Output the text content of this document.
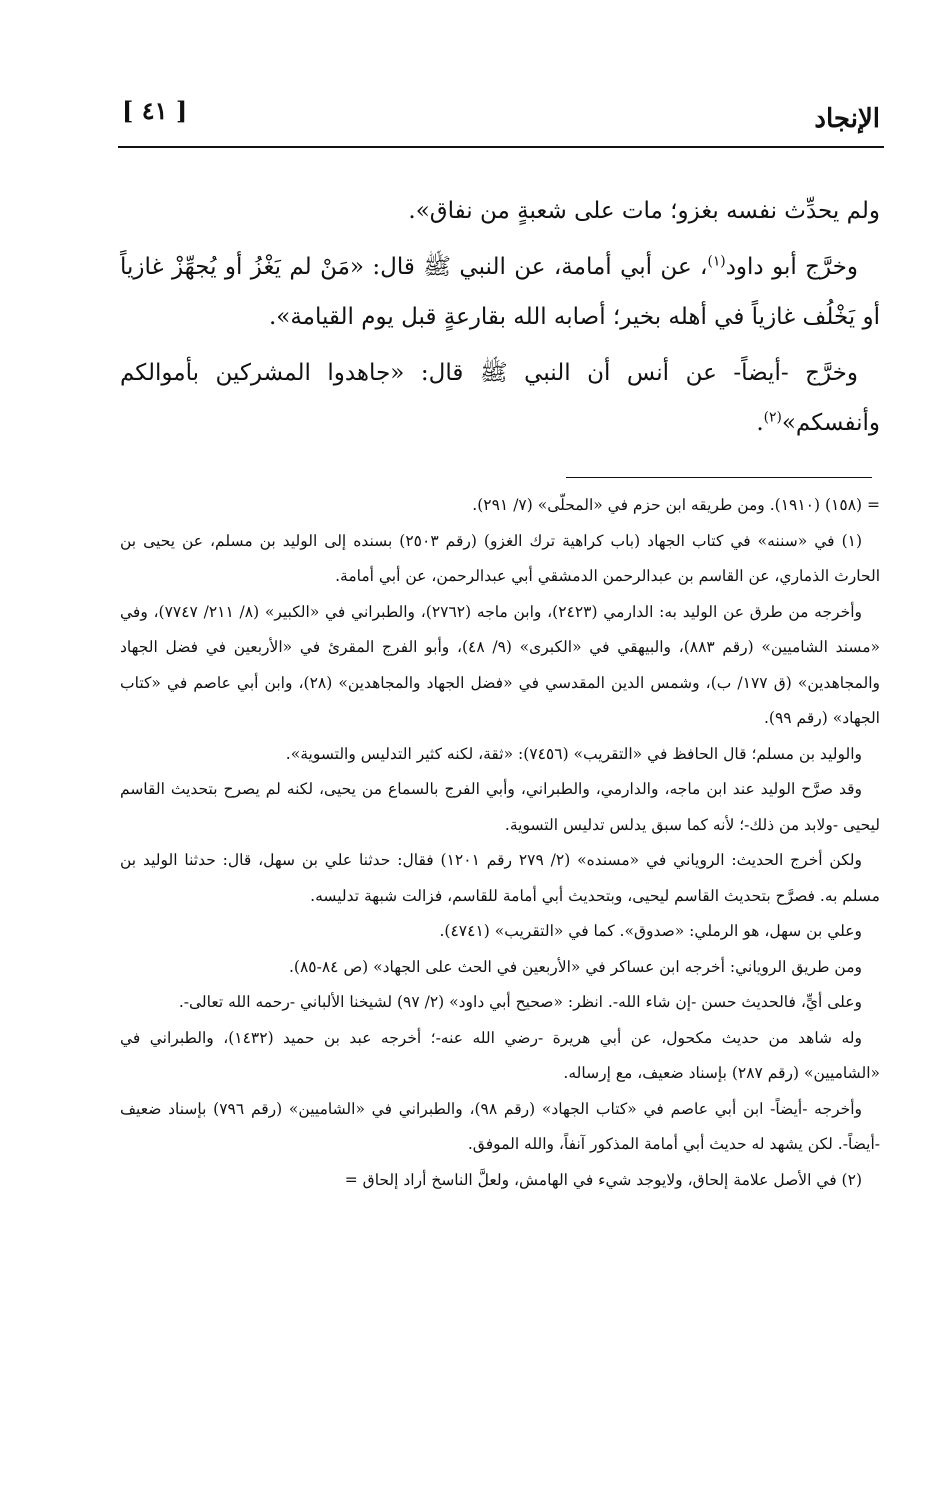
الإنجاد
[ ٤١ ]

ولم يحدِّث نفسه بغزو؛ مات على شعبةٍ من نفاق».

وخرَّج أبو داود$^{(١)}$، عن أبي أمامة، عن النبي ﷺ قال: «مَنْ لم يَغْزُ أو يُجهِّزْ غازياً أو يَخْلُف غازياً في أهله بخير؛ أصابه الله بقارعةٍ قبل يوم القيامة».

وخرَّج -أيضاً- عن أنس أن النبي ﷺ قال: «جاهدوا المشركين بأموالكم وأنفسكم»$^{(٢)}$.

= (١٥٨) (١٩١٠). ومن طريقه ابن حزم في «المحلّى» (٧/ ٢٩١).

(١) في «سننه» في كتاب الجهاد (باب كراهية ترك الغزو) (رقم ٢٥٠٣) بسنده إلى الوليد بن مسلم، عن يحيى بن الحارث الذماري، عن القاسم بن عبدالرحمن الدمشقي أبي عبدالرحمن، عن أبي أمامة.

وأخرجه من طرق عن الوليد به: الدارمي (٢٤٢٣)، وابن ماجه (٢٧٦٢)، والطبراني في «الكبير» (٨/ ٢١١/ ٧٧٤٧)، وفي «مسند الشاميين» (رقم ٨٨٣)، والبيهقي في «الكبرى» (٩/ ٤٨)، وأبو الفرج المقرئ في «الأربعين في فضل الجهاد والمجاهدين» (ق ١٧٧/ ب)، وشمس الدين المقدسي في «فضل الجهاد والمجاهدين» (٢٨)، وابن أبي عاصم في «كتاب الجهاد» (رقم ٩٩).

والوليد بن مسلم؛ قال الحافظ في «التقريب» (٧٤٥٦): «ثقة، لكنه كثير التدليس والتسوية».

وقد صرَّح الوليد عند ابن ماجه، والدارمي، والطبراني، وأبي الفرج بالسماع من يحيى، لكنه لم يصرح بتحديث القاسم ليحيى -ولابد من ذلك-؛ لأنه كما سبق يدلس تدليس التسوية.

ولكن أخرج الحديث: الروياني في «مسنده» (٢/ ٢٧٩ رقم ١٢٠١) فقال: حدثنا علي بن سهل، قال: حدثنا الوليد بن مسلم به. فصرَّح بتحديث القاسم ليحيى، وبتحديث أبي أمامة للقاسم، فزالت شبهة تدليسه.

وعلي بن سهل، هو الرملي: «صدوق». كما في «التقريب» (٤٧٤١).

ومن طريق الروياني: أخرجه ابن عساكر في «الأربعين في الحث على الجهاد» (ص ٨٤-٨٥).

وعلى أيٍّ، فالحديث حسن -إن شاء الله-. انظر: «صحيح أبي داود» (٢/ ٩٧) لشيخنا الألباني -رحمه الله تعالى-.

وله شاهد من حديث مكحول، عن أبي هريرة -رضي الله عنه-؛ أخرجه عبد بن حميد (١٤٣٢)، والطبراني في «الشاميين» (رقم ٢٨٧) بإسناد ضعيف، مع إرساله.

وأخرجه -أيضاً- ابن أبي عاصم في «كتاب الجهاد» (رقم ٩٨)، والطبراني في «الشاميين» (رقم ٧٩٦) بإسناد ضعيف -أيضاً-. لكن يشهد له حديث أبي أمامة المذكور آنفاً، والله الموفق.

(٢) في الأصل علامة إلحاق، ولايوجد شيء في الهامش، ولعلَّ الناسخ أراد إلحاق =
